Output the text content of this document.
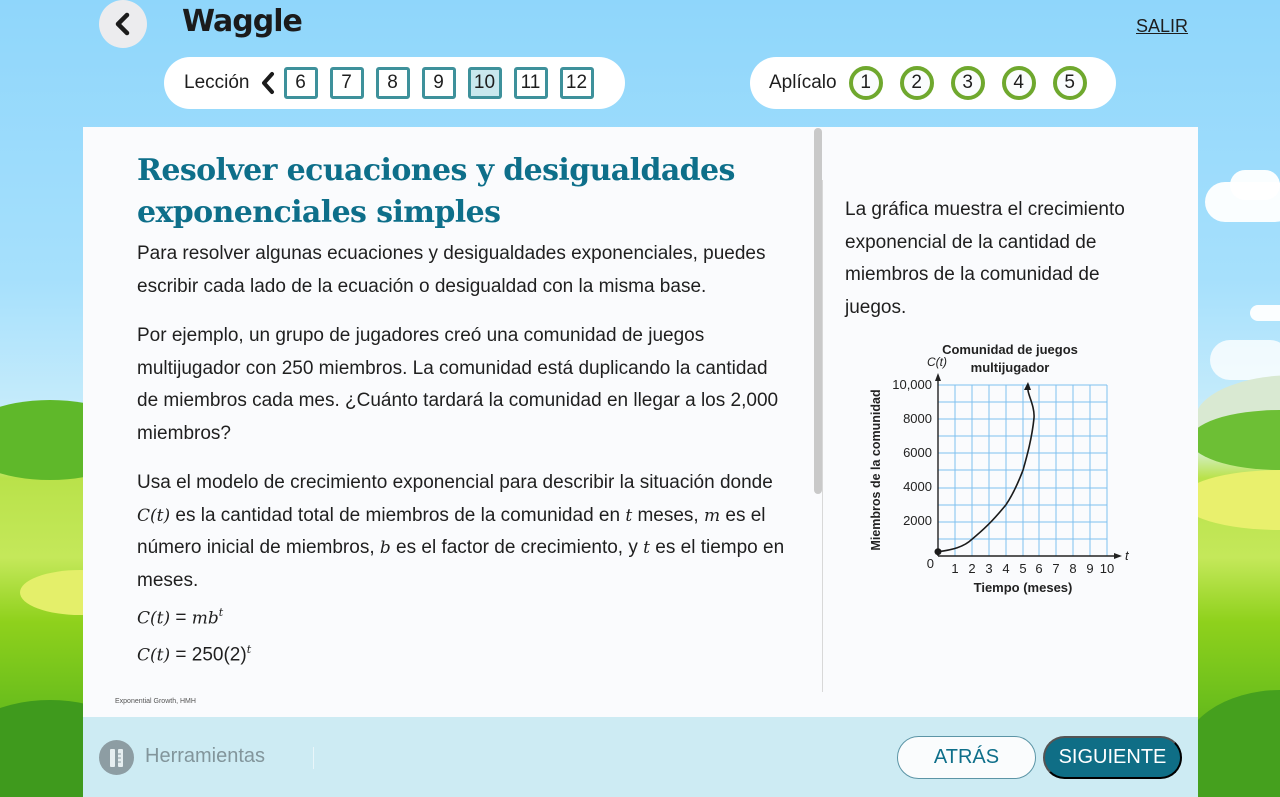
Waggle	SALIR
Lección	6	7	8	9	10	11	12	Aplícalo	1	2	3	4	5
Resolver ecuaciones y desigualdades exponenciales simples

Para resolver algunas ecuaciones y desigualdades exponenciales, puedes escribir cada lado de la ecuación o desigualdad con la misma base.

Por ejemplo, un grupo de jugadores creó una comunidad de juegos multijugador con 250 miembros. La comunidad está duplicando la cantidad de miembros cada mes. ¿Cuánto tardará la comunidad en llegar a los 2,000 miembros?

Usa el modelo de crecimiento exponencial para describir la situación donde C(t) es la cantidad total de miembros de la comunidad en t meses, m es el número inicial de miembros, b es el factor de crecimiento, y t es el tiempo en meses.

$C(t) = mb^t$
$C(t) = 250(2)^t$
Exponential Growth, HMH

La gráfica muestra el crecimiento exponencial de la cantidad de miembros de la comunidad de juegos.

Comunidad de juegos
multijugador
C(t)
10,000
8000
6000
4000
2000
0 1 2 3 4 5 6 7 8 9 10
t
Tiempo (meses)
Miembros de la comunidad
Herramientas	ATRÁS	SIGUIENTE
